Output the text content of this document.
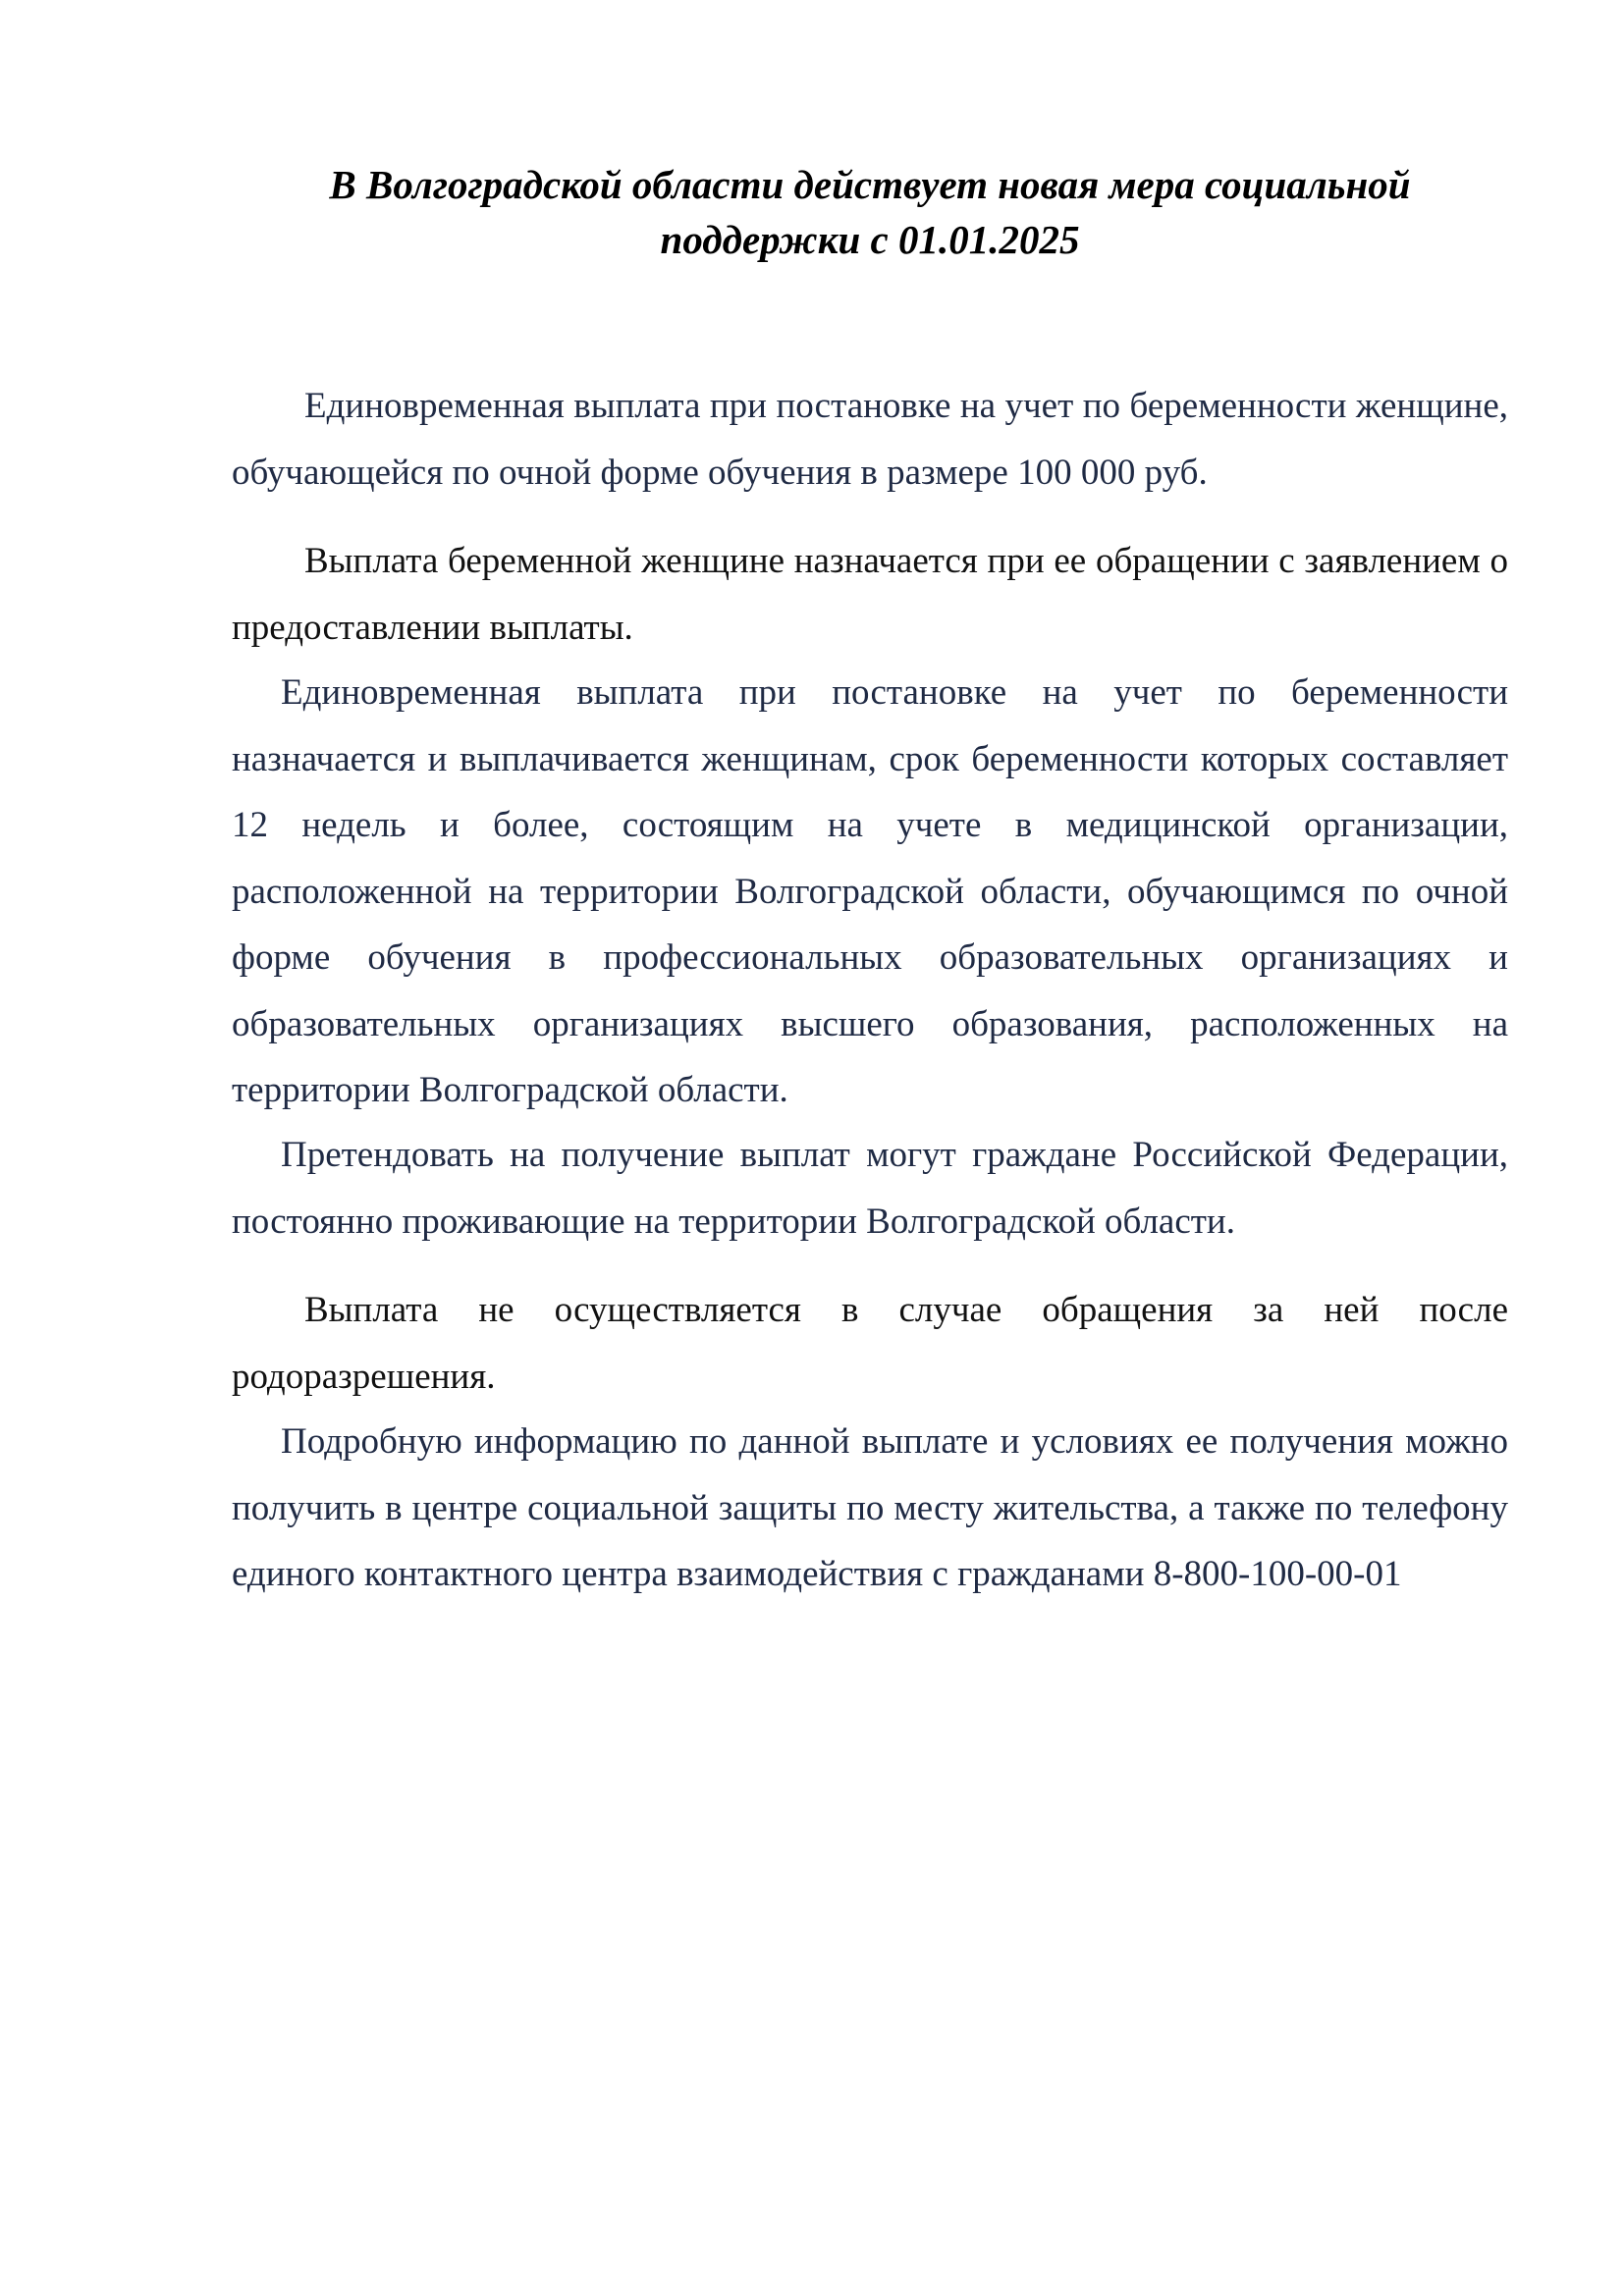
В Волгоградской области действует новая мера социальной поддержки с 01.01.2025

Единовременная выплата при постановке на учет по беременности женщине, обучающейся по очной форме обучения в размере 100 000 руб.

Выплата беременной женщине назначается при ее обращении с заявлением о предоставлении выплаты.

Единовременная выплата при постановке на учет по беременности назначается и выплачивается женщинам, срок беременности которых составляет 12 недель и более, состоящим на учете в медицинской организации, расположенной на территории Волгоградской области, обучающимся по очной форме обучения в профессиональных образовательных организациях и образовательных организациях высшего образования, расположенных на территории Волгоградской области.

Претендовать на получение выплат могут граждане Российской Федерации, постоянно проживающие на территории Волгоградской области.

Выплата не осуществляется в случае обращения за ней после родоразрешения.

Подробную информацию по данной выплате и условиях ее получения можно получить в центре социальной защиты по месту жительства, а также по телефону единого контактного центра взаимодействия с гражданами 8-800-100-00-01
